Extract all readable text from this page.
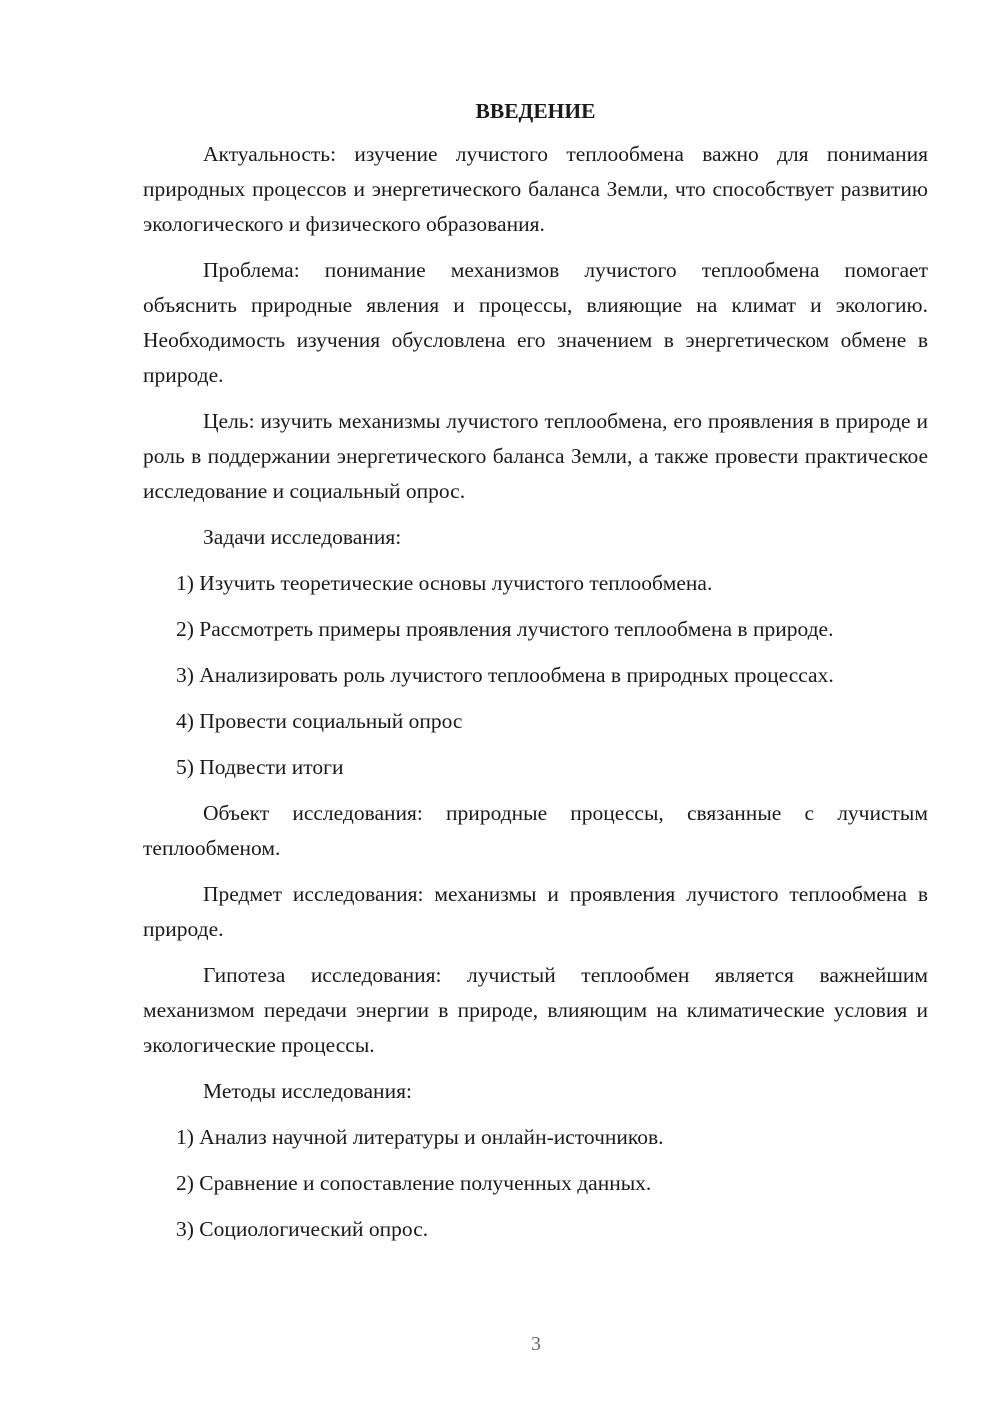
ВВЕДЕНИЕ

Актуальность: изучение лучистого теплообмена важно для понимания природных процессов и энергетического баланса Земли, что способствует развитию экологического и физического образования.

Проблема: понимание механизмов лучистого теплообмена помогает объяснить природные явления и процессы, влияющие на климат и экологию. Необходимость изучения обусловлена его значением в энергетическом обмене в природе.

Цель: изучить механизмы лучистого теплообмена, его проявления в природе и роль в поддержании энергетического баланса Земли, а также провести практическое исследование и социальный опрос.

Задачи исследования:

1) Изучить теоретические основы лучистого теплообмена.

2) Рассмотреть примеры проявления лучистого теплообмена в природе.

3) Анализировать роль лучистого теплообмена в природных процессах.

4) Провести социальный опрос

5) Подвести итоги

Объект исследования: природные процессы, связанные с лучистым теплообменом.

Предмет исследования: механизмы и проявления лучистого теплообмена в природе.

Гипотеза исследования: лучистый теплообмен является важнейшим механизмом передачи энергии в природе, влияющим на климатические условия и экологические процессы.

Методы исследования:

1) Анализ научной литературы и онлайн-источников.

2) Сравнение и сопоставление полученных данных.

3) Социологический опрос.

3
